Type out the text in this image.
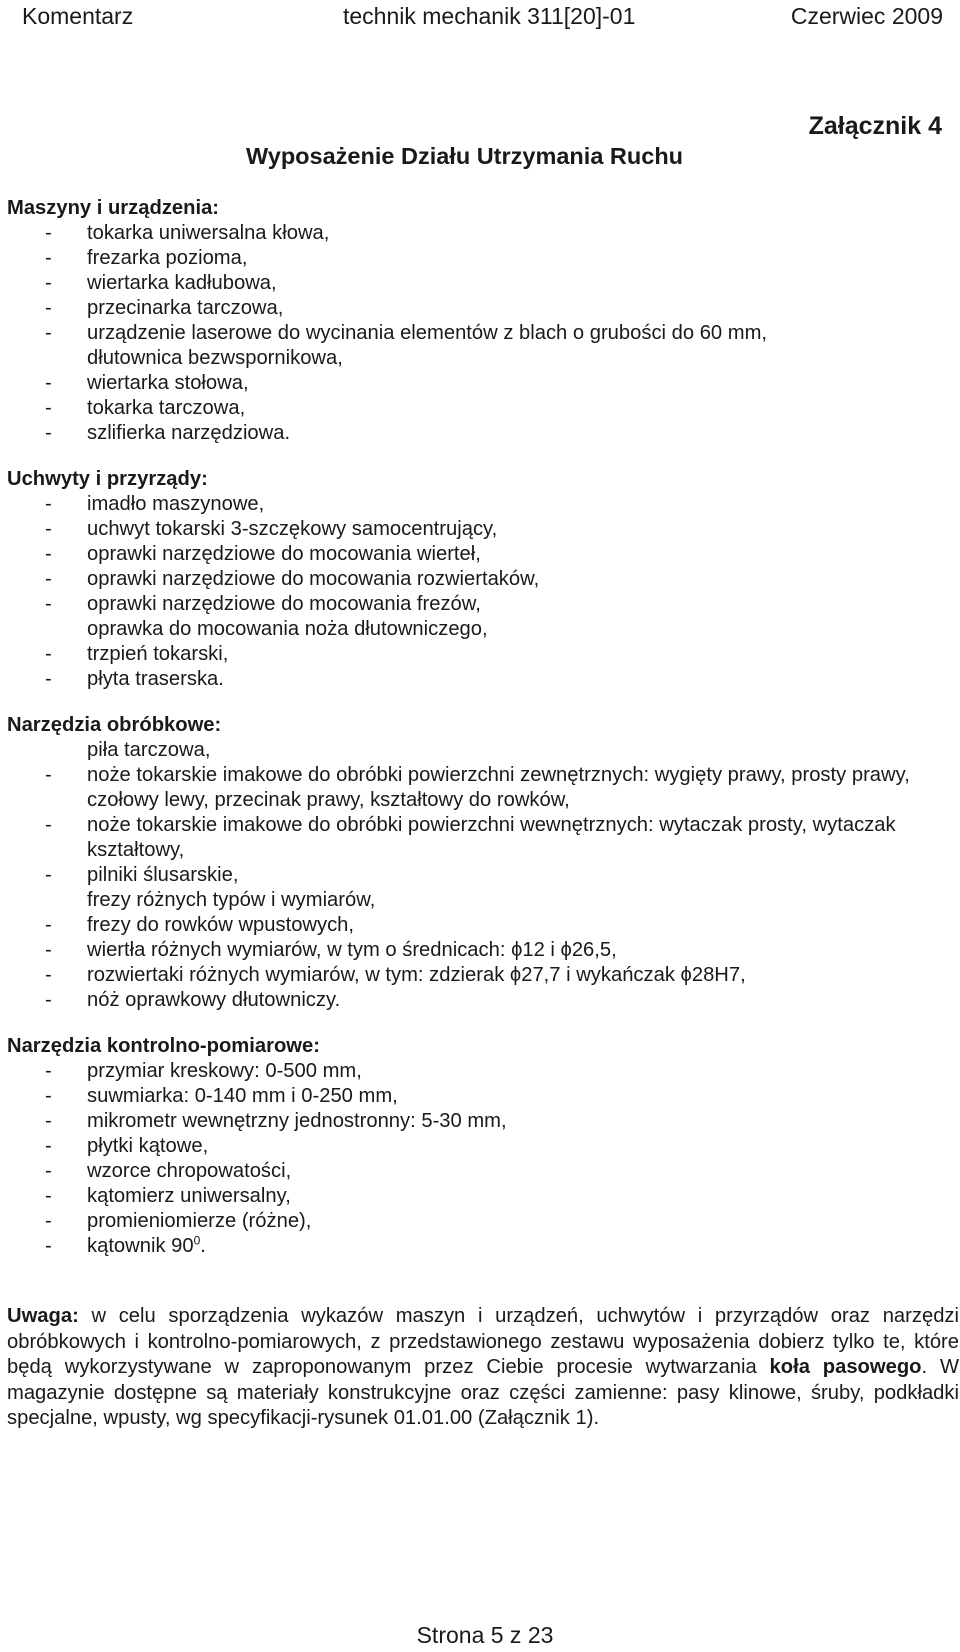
Komentarz	technik mechanik 311[20]-01	Czerwiec 2009
Załącznik 4
Wyposażenie Działu Utrzymania Ruchu
Maszyny i urządzenia:
- tokarka uniwersalna kłowa,
- frezarka pozioma,
- wiertarka kadłubowa,
- przecinarka tarczowa,
- urządzenie laserowe do wycinania elementów z blach o grubości do 60 mm,
dłutownica bezwspornikowa,
- wiertarka stołowa,
- tokarka tarczowa,
- szlifierka narzędziowa.
Uchwyty i przyrządy:
- imadło maszynowe,
- uchwyt tokarski 3-szczękowy samocentrujący,
- oprawki narzędziowe do mocowania wierteł,
- oprawki narzędziowe do mocowania rozwiertaków,
- oprawki narzędziowe do mocowania frezów,
oprawka do mocowania noża dłutowniczego,
- trzpień tokarski,
- płyta traserska.
Narzędzia obróbkowe:
piła tarczowa,
- noże tokarskie imakowe do obróbki powierzchni zewnętrznych: wygięty prawy, prosty prawy, czołowy lewy, przecinak prawy, kształtowy do rowków,
- noże tokarskie imakowe do obróbki powierzchni wewnętrznych: wytaczak prosty, wytaczak kształtowy,
- pilniki ślusarskie,
frezy różnych typów i wymiarów,
- frezy do rowków wpustowych,
- wiertła różnych wymiarów, w tym o średnicach: ϕ12 i ϕ26,5,
- rozwiertaki różnych wymiarów, w tym: zdzierak ϕ27,7 i wykańczak ϕ28H7,
- nóż oprawkowy dłutowniczy.
Narzędzia kontrolno-pomiarowe:
- przymiar kreskowy: 0-500 mm,
- suwmiarka: 0-140 mm i 0-250 mm,
- mikrometr wewnętrzny jednostronny: 5-30 mm,
- płytki kątowe,
- wzorce chropowatości,
- kątomierz uniwersalny,
- promieniomierze (różne),
- kątownik $90^0$.
Uwaga: w celu sporządzenia wykazów maszyn i urządzeń, uchwytów i przyrządów oraz narzędzi obróbkowych i kontrolno-pomiarowych, z przedstawionego zestawu wyposażenia dobierz tylko te, które będą wykorzystywane w zaproponowanym przez Ciebie procesie wytwarzania koła pasowego. W magazynie dostępne są materiały konstrukcyjne oraz części zamienne: pasy klinowe, śruby, podkładki specjalne, wpusty, wg specyfikacji-rysunek 01.01.00 (Załącznik 1).
Strona 5 z 23
